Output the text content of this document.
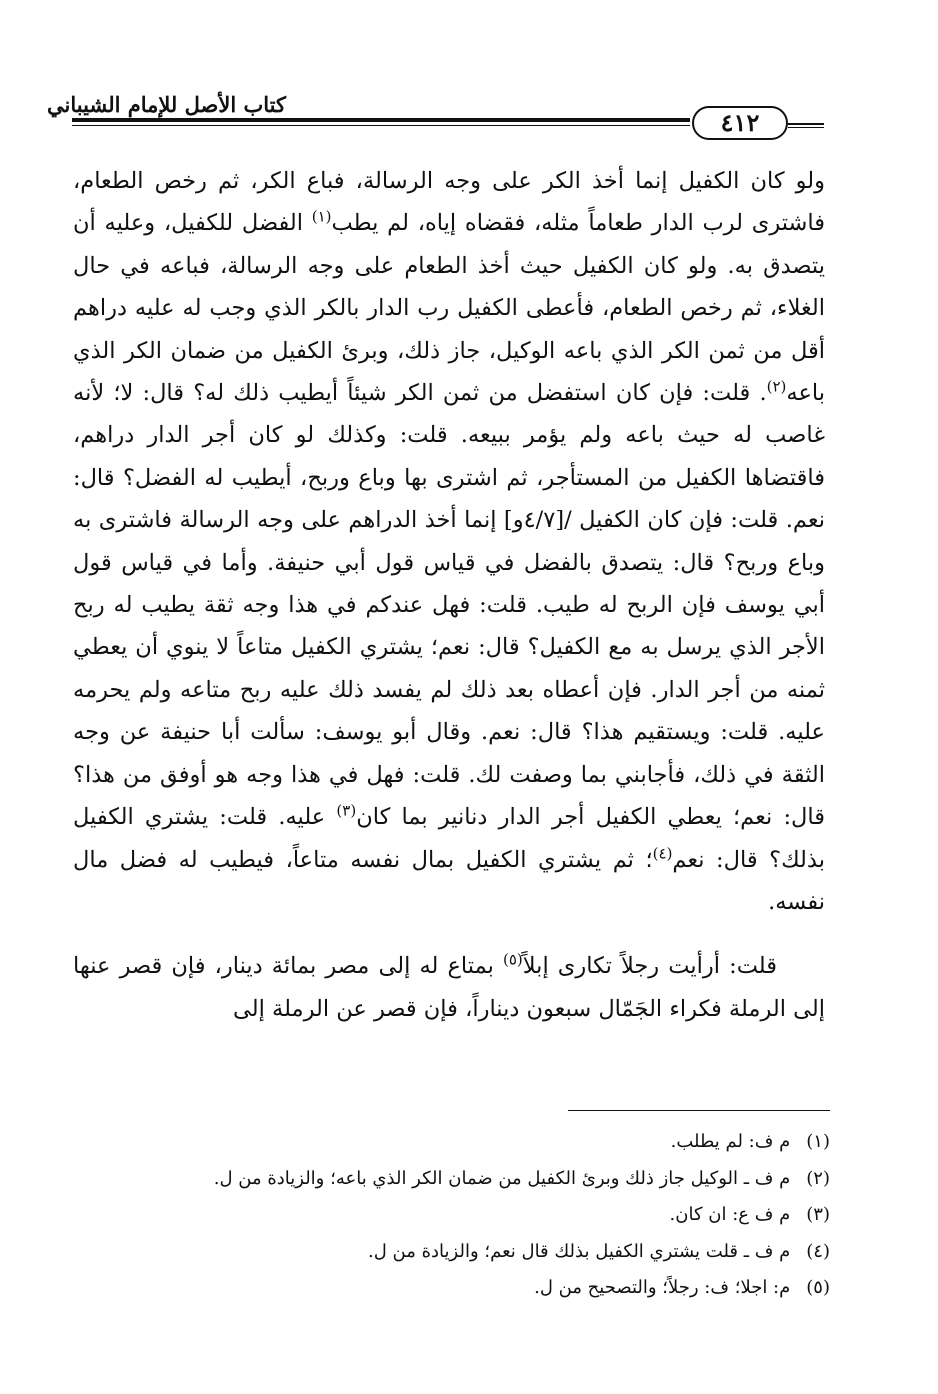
كتاب الأصل للإمام الشيباني
٤١٢

ولو كان الكفيل إنما أخذ الكر على وجه الرسالة، فباع الكر، ثم رخص الطعام، فاشترى لرب الدار طعاماً مثله، فقضاه إياه، لم يطب$^{(١)}$ الفضل للكفيل، وعليه أن يتصدق به. ولو كان الكفيل حيث أخذ الطعام على وجه الرسالة، فباعه في حال الغلاء، ثم رخص الطعام، فأعطى الكفيل رب الدار بالكر الذي وجب له عليه دراهم أقل من ثمن الكر الذي باعه الوكيل، جاز ذلك، وبرئ الكفيل من ضمان الكر الذي باعه$^{(٢)}$. قلت: فإن كان استفضل من ثمن الكر شيئاً أيطيب ذلك له؟ قال: لا؛ لأنه غاصب له حيث باعه ولم يؤمر ببيعه. قلت: وكذلك لو كان أجر الدار دراهم، فاقتضاها الكفيل من المستأجر، ثم اشترى بها وباع وربح، أيطيب له الفضل؟ قال: نعم. قلت: فإن كان الكفيل /[٤/٧و] إنما أخذ الدراهم على وجه الرسالة فاشترى به وباع وربح؟ قال: يتصدق بالفضل في قياس قول أبي حنيفة. وأما في قياس قول أبي يوسف فإن الربح له طيب. قلت: فهل عندكم في هذا وجه ثقة يطيب له ربح الأجر الذي يرسل به مع الكفيل؟ قال: نعم؛ يشتري الكفيل متاعاً لا ينوي أن يعطي ثمنه من أجر الدار. فإن أعطاه بعد ذلك لم يفسد ذلك عليه ربح متاعه ولم يحرمه عليه. قلت: ويستقيم هذا؟ قال: نعم. وقال أبو يوسف: سألت أبا حنيفة عن وجه الثقة في ذلك، فأجابني بما وصفت لك. قلت: فهل في هذا وجه هو أوفق من هذا؟ قال: نعم؛ يعطي الكفيل أجر الدار دنانير بما كان$^{(٣)}$ عليه. قلت: يشتري الكفيل بذلك؟ قال: نعم$^{(٤)}$؛ ثم يشتري الكفيل بمال نفسه متاعاً، فيطيب له فضل مال نفسه.

قلت: أرأيت رجلاً تكارى إبلاً$^{(٥)}$ بمتاع له إلى مصر بمائة دينار، فإن قصر عنها إلى الرملة فكراء الجَمّال سبعون ديناراً، فإن قصر عن الرملة إلى

(١) م ف: لم يطلب.
(٢) م ف ـ الوكيل جاز ذلك وبرئ الكفيل من ضمان الكر الذي باعه؛ والزيادة من ل.
(٣) م ف ع: ان كان.
(٤) م ف ـ قلت يشتري الكفيل بذلك قال نعم؛ والزيادة من ل.
(٥) م: اجلا؛ ف: رجلاً؛ والتصحيح من ل.
